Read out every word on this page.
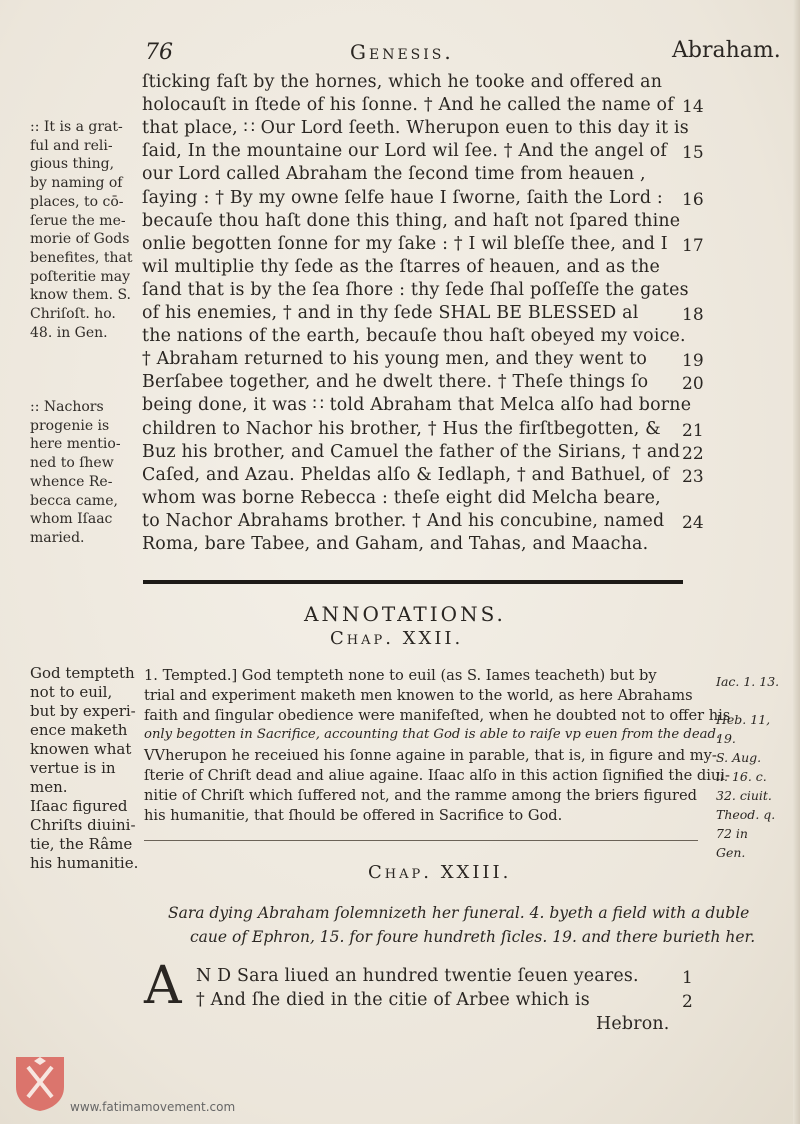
76	Genesis.	Abraham.
ſticking faſt by the hornes, which he tooke and offered an
holocauſt in ſtede of his ſonne. † And he called the name of
that place, ∷ Our Lord ſeeth. Wherupon euen to this day it is
ſaid, In the mountaine our Lord wil ſee. † And the angel of
our Lord called Abraham the ſecond time from heauen ,
ſaying : † By my owne ſelfe haue I ſworne, ſaith the Lord :
becauſe thou haſt done this thing, and haſt not ſpared thine
onlie begotten ſonne for my ſake : † I wil bleſſe thee, and I
wil multiplie thy ſede as the ſtarres of heauen, and as the
ſand that is by the ſea ſhore : thy ſede ſhal poſſeſſe the gates
of his enemies, † and in thy ſede SHAL BE BLESSED al
the nations of the earth, becauſe thou haſt obeyed my voice.
† Abraham returned to his young men, and they went to
Berſabee together, and he dwelt there. † Theſe things ſo
being done, it was ∷ told Abraham that Melca alſo had borne
children to Nachor his brother, † Hus the firſtbegotten, &
Buz his brother, and Camuel the father of the Sirians, † and
Caſed, and Azau. Pheldas alſo & Iedlaph, † and Bathuel, of
whom was borne Rebecca : theſe eight did Melcha beare,
to Nachor Abrahams brother. † And his concubine, named
Roma, bare Tabee, and Gaham, and Tahas, and Maacha.
14
15
16
17
18
19
20
21
22
23
24
:: It is a grat-
ful and reli-
gious thing,
by naming of
places, to cō-
ſerue the me-
morie of Gods
benefites, that
poſteritie may
know them. S.
Chriſoſt. ho.
48. in Gen.
:: Nachors
progenie is
here mentio-
ned to ſhew
whence Re-
becca came,
whom Iſaac
maried.
ANNOTATIONS.
Chap. XXII.
1. Tempted.] God tempteth none to euil (as S. Iames teacheth) but by
trial and experiment maketh men knowen to the world, as here Abrahams
faith and ſingular obedience were manifeſted, when he doubted not to offer his
only begotten in Sacrifice, accounting that God is able to raiſe vp euen from the dead.
VVherupon he receiued his ſonne againe in parable, that is, in figure and my-
ſterie of Chriſt dead and aliue againe. Iſaac alſo in this action ſignified the diui-
nitie of Chriſt which ſuffered not, and the ramme among the briers figured
his humanitie, that ſhould be offered in Sacrifice to God.
God tempteth
not to euil,
but by experi-
ence maketh
knowen what
vertue is in
men.
Iſaac figured
Chriſts diuini-
tie, the Râme
his humanitie.
Iac. 1. 13.

Heb. 11,
19.
S. Aug.
li. 16. c.
32. ciuit.
Theod. q.
72 in
Gen.
Chap. XXIII.
Sara dying Abraham ſolemnizeth her funeral. 4. byeth a field with a duble
caue of Ephron, 15. for foure hundreth ſicles. 19. and there burieth her.
A N D Sara liued an hundred twentie ſeuen yeares.
† And ſhe died in the citie of Arbee which is
Hebron.
1
2
www.fatimamovement.com
